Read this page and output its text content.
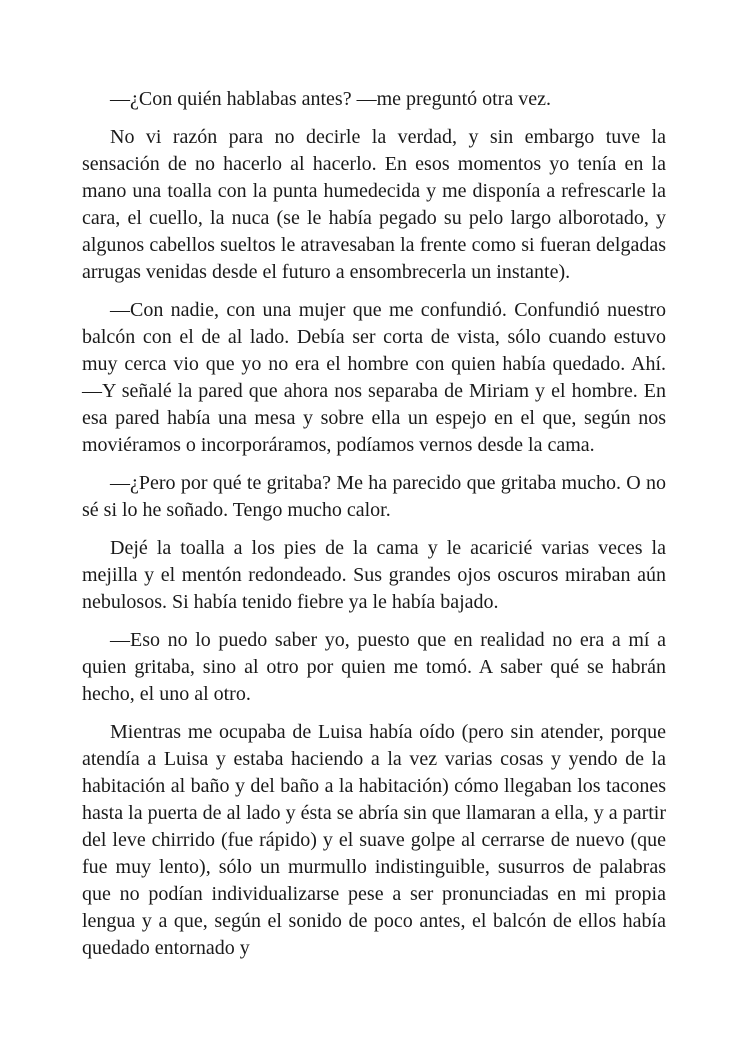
—¿Con quién hablabas antes? —me preguntó otra vez.

No vi razón para no decirle la verdad, y sin embargo tuve la sensación de no hacerlo al hacerlo. En esos momentos yo tenía en la mano una toalla con la punta humedecida y me disponía a refrescarle la cara, el cuello, la nuca (se le había pegado su pelo largo alborotado, y algunos cabellos sueltos le atravesaban la frente como si fueran delgadas arrugas venidas desde el futuro a ensombrecerla un instante).

—Con nadie, con una mujer que me confundió. Confundió nuestro balcón con el de al lado. Debía ser corta de vista, sólo cuando estuvo muy cerca vio que yo no era el hombre con quien había quedado. Ahí. —Y señalé la pared que ahora nos separaba de Miriam y el hombre. En esa pared había una mesa y sobre ella un espejo en el que, según nos moviéramos o incorporáramos, podíamos vernos desde la cama.

—¿Pero por qué te gritaba? Me ha parecido que gritaba mucho. O no sé si lo he soñado. Tengo mucho calor.

Dejé la toalla a los pies de la cama y le acaricié varias veces la mejilla y el mentón redondeado. Sus grandes ojos oscuros miraban aún nebulosos. Si había tenido fiebre ya le había bajado.

—Eso no lo puedo saber yo, puesto que en realidad no era a mí a quien gritaba, sino al otro por quien me tomó. A saber qué se habrán hecho, el uno al otro.

Mientras me ocupaba de Luisa había oído (pero sin atender, porque atendía a Luisa y estaba haciendo a la vez varias cosas y yendo de la habitación al baño y del baño a la habitación) cómo llegaban los tacones hasta la puerta de al lado y ésta se abría sin que llamaran a ella, y a partir del leve chirrido (fue rápido) y el suave golpe al cerrarse de nuevo (que fue muy lento), sólo un murmullo indistinguible, susurros de palabras que no podían individualizarse pese a ser pronunciadas en mi propia lengua y a que, según el sonido de poco antes, el balcón de ellos había quedado entornado y
